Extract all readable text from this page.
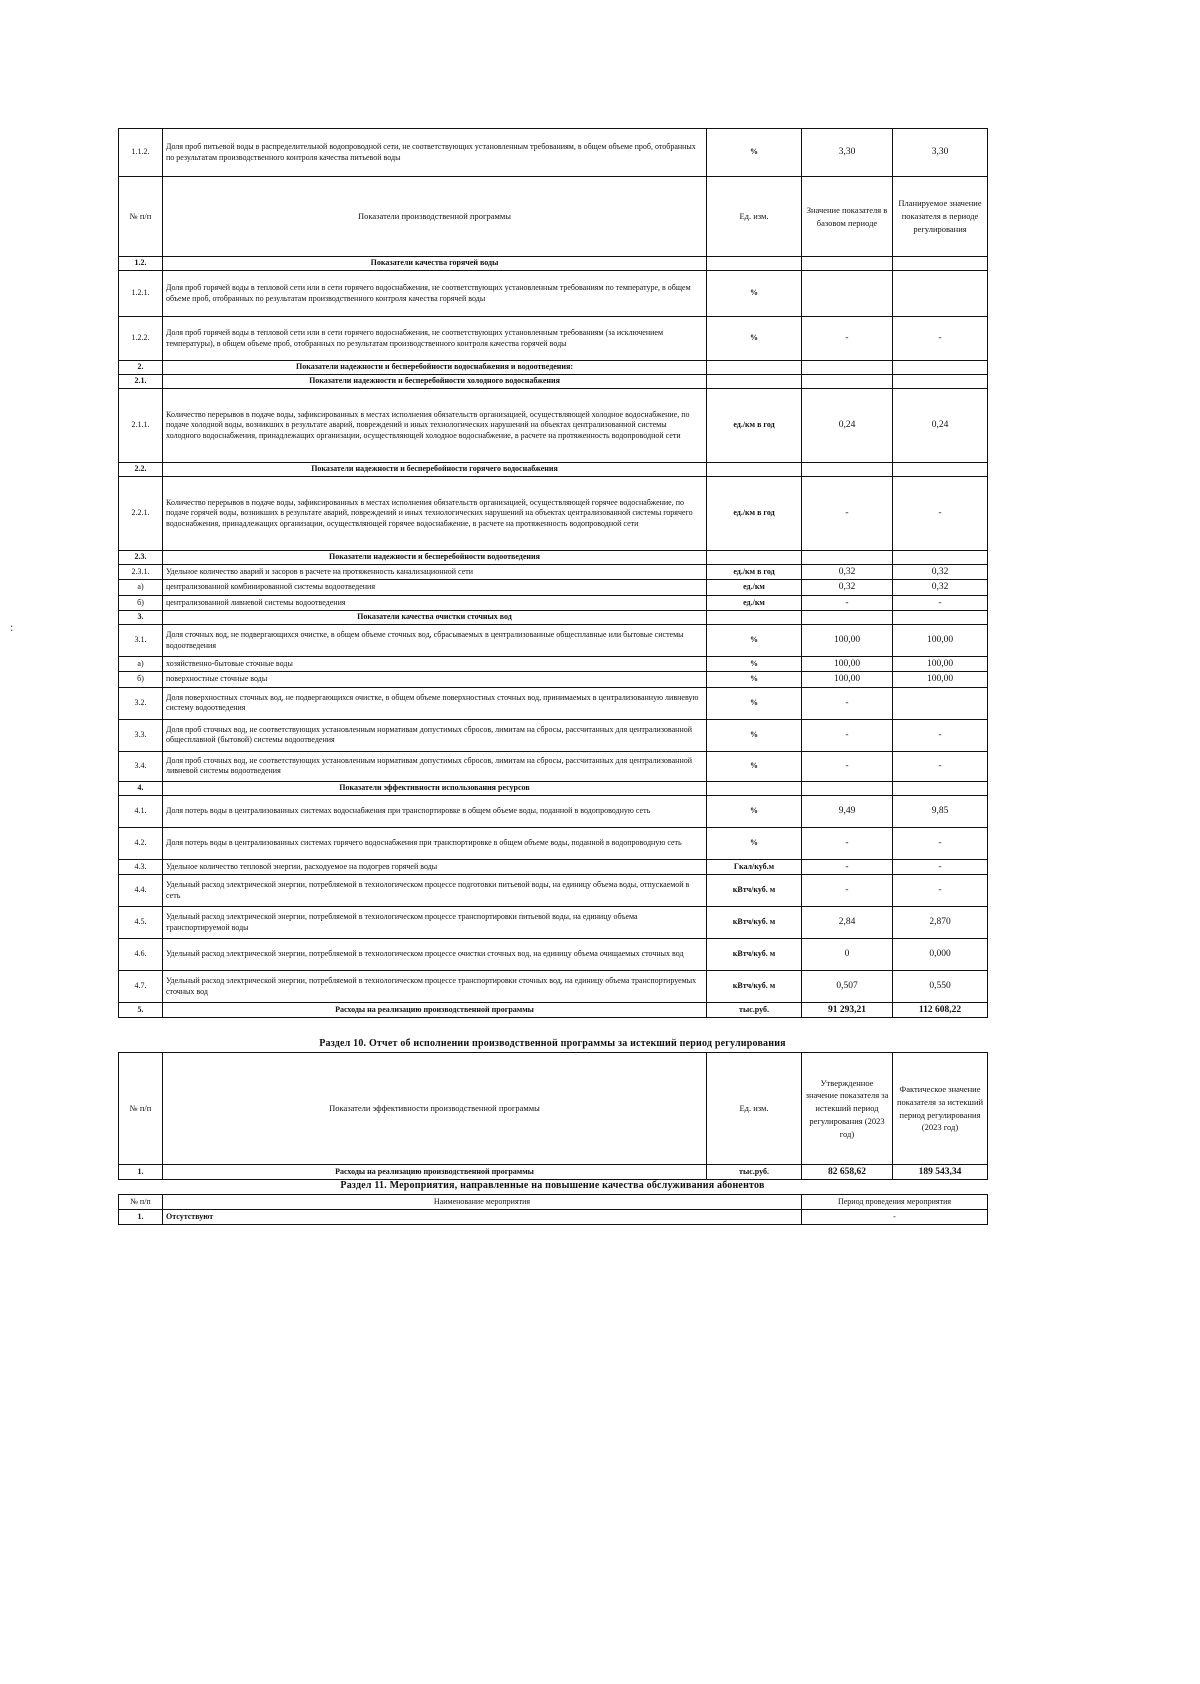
:
1.1.2.	Доля проб питьевой воды в распределительной водопроводной сети, не соответствующих установленным требованиям, в общем объеме проб, отобранных по результатам производственного контроля качества питьевой воды	%	3,30	3,30
№ п/п	Показатели производственной программы	Ед. изм.	Значение показателя в базовом периоде	Планируемое значение показателя в периоде регулирования
1.2.	Показатели качества горячей воды			
1.2.1.	Доля проб горячей воды в тепловой сети или в сети горячего водоснабжения, не соответствующих установленным требованиям по температуре, в общем объеме проб, отобранных по результатам производственного контроля качества горячей воды	%		
1.2.2.	Доля проб горячей воды в тепловой сети или в сети горячего водоснабжения, не соответствующих установленным требованиям (за исключением температуры), в общем объеме проб, отобранных по результатам производственного контроля качества горячей воды	%	-	-
2.	Показатели надежности и бесперебойности водоснабжения и водоотведения:			
2.1.	Показатели надежности и бесперебойности холодного водоснабжения			
2.1.1.	Количество перерывов в подаче воды, зафиксированных в местах исполнения обязательств организацией, осуществляющей холодное водоснабжение, по подаче холодной воды, возникших в результате аварий, повреждений и иных технологических нарушений на объектах централизованной системы холодного водоснабжения, принадлежащих организации, осуществляющей холодное водоснабжение, в расчете на протяженность водопроводной сети	ед./км в год	0,24	0,24
2.2.	Показатели надежности и бесперебойности горячего водоснабжения			
2.2.1.	Количество перерывов в подаче воды, зафиксированных в местах исполнения обязательств организацией, осуществляющей горячее водоснабжение, по подаче горячей воды, возникших в результате аварий, повреждений и иных технологических нарушений на объектах централизованной системы горячего водоснабжения, принадлежащих организации, осуществляющей горячее водоснабжение, в расчете на протяженность водопроводной сети	ед./км в год	-	-
2.3.	Показатели надежности и бесперебойности водоотведения			
2.3.1.	Удельное количество аварий и засоров в расчете на протяженность канализационной сети	ед./км в год	0,32	0,32
а)	централизованной комбинированной системы водоотведения	ед./км	0,32	0,32
б)	централизованной ливневой системы водоотведения	ед./км	-	-
3.	Показатели качества очистки сточных вод			
3.1.	Доля сточных вод, не подвергающихся очистке, в общем объеме сточных вод, сбрасываемых в централизованные общесплавные или бытовые системы водоотведения	%	100,00	100,00
а)	хозяйственно-бытовые сточные воды	%	100,00	100,00
б)	поверхностные сточные воды	%	100,00	100,00
3.2.	Доля поверхностных сточных вод, не подвергающихся очистке, в общем объеме поверхностных сточных вод, принимаемых в централизованную ливневую систему водоотведения	%	-	
3.3.	Доля проб сточных вод, не соответствующих установленным нормативам допустимых сбросов, лимитам на сбросы, рассчитанных для централизованной общесплавной (бытовой) системы водоотведения	%	-	-
3.4.	Доля проб сточных вод, не соответствующих установленным нормативам допустимых сбросов, лимитам на сбросы, рассчитанных для централизованной ливневой системы водоотведения	%	-	-
4.	Показатели эффективности использования ресурсов			
4.1.	Доля потерь воды в централизованных системах водоснабжения при транспортировке в общем объеме воды, поданной в водопроводную сеть	%	9,49	9,85
4.2.	Доля потерь воды в централизованных системах горячего водоснабжения при транспортировке в общем объеме воды, поданной в водопроводную сеть	%	-	-
4.3.	Удельное количество тепловой энергии, расходуемое на подогрев горячей воды	Гкал/куб.м	-	-
4.4.	Удельный расход электрической энергии, потребляемой в технологическом процессе подготовки питьевой воды, на единицу объема воды, отпускаемой в сеть	кВтч/куб. м	-	-
4.5.	Удельный расход электрической энергии, потребляемой в технологическом процессе транспортировки питьевой воды, на единицу объема транспортируемой воды	кВтч/куб. м	2,84	2,870
4.6.	Удельный расход электрической энергии, потребляемой в технологическом процессе очистки сточных вод, на единицу объема очищаемых сточных вод	кВтч/куб. м	0	0,000
4.7.	Удельный расход электрической энергии, потребляемой в технологическом процессе транспортировки сточных вод, на единицу объема транспортируемых сточных вод	кВтч/куб. м	0,507	0,550
5.	Расходы на реализацию производственной программы	тыс.руб.	91 293,21	112 608,22
Раздел 10. Отчет об исполнении производственной программы за истекший период регулирования
№ п/п	Показатели эффективности производственной программы	Ед. изм.	Утвержденное значение показателя за истекший период регулирования (2023 год)	Фактическое значение показателя за истекший период регулирования (2023 год)
1.	Расходы на реализацию производственной программы	тыс.руб.	82 658,62	189 543,34
Раздел 11. Мероприятия, направленные на повышение качества обслуживания абонентов
№ п/п	Наименование мероприятия	Период проведения мероприятия
1.	Отсутствуют	-
